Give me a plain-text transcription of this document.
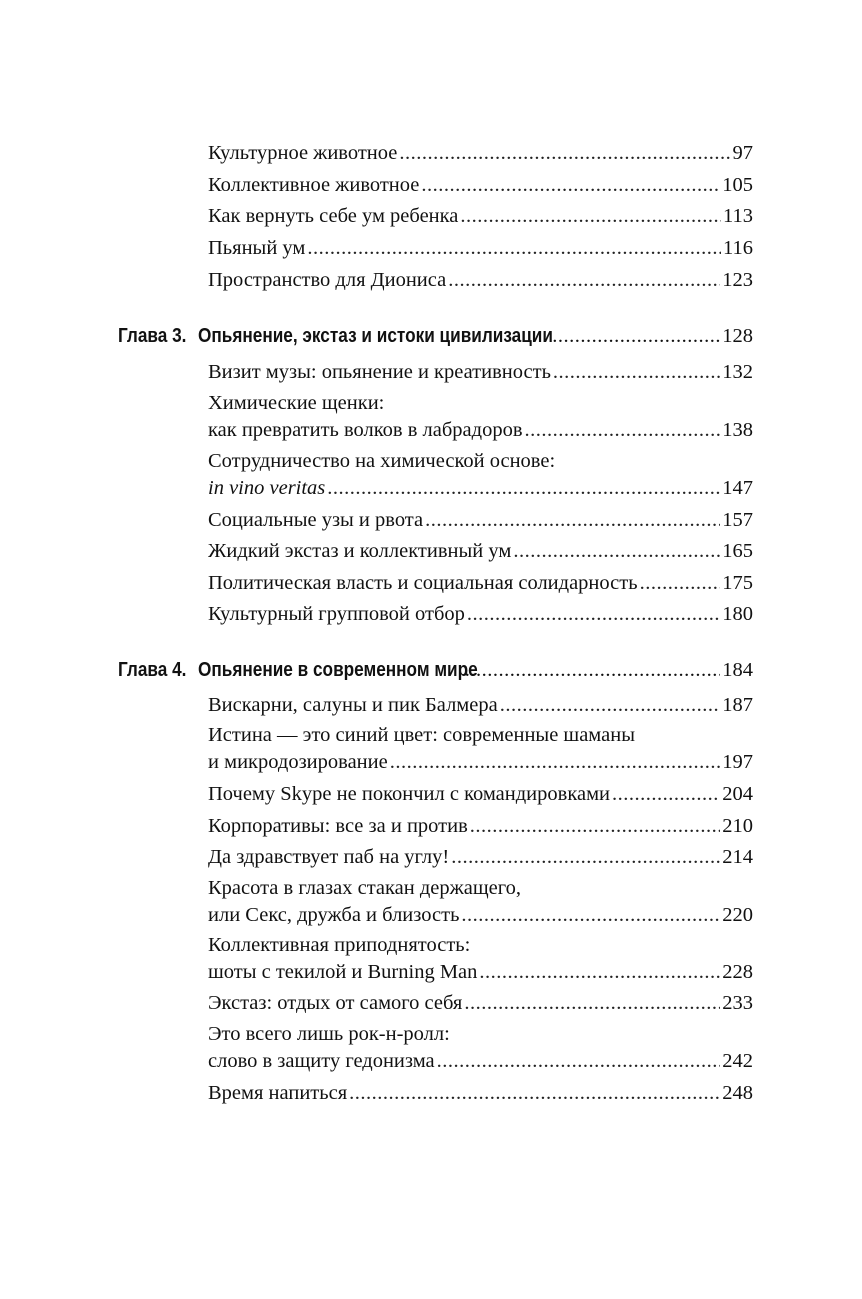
Культурное животное .....	97
Коллективное животное .....	105
Как вернуть себе ум ребенка .....	113
Пьяный ум .....	116
Пространство для Диониса .....	123
Глава 3. Опьянение, экстаз и истоки цивилизации .....	128
Визит музы: опьянение и креативность .....	132
Химические щенки:
как превратить волков в лабрадоров .....	138
Сотрудничество на химической основе:
in vino veritas .....	147
Социальные узы и рвота .....	157
Жидкий экстаз и коллективный ум .....	165
Политическая власть и социальная солидарность .....	175
Культурный групповой отбор .....	180
Глава 4. Опьянение в современном мире .....	184
Вискарни, салуны и пик Балмера .....	187
Истина — это синий цвет: современные шаманы
и микродозирование .....	197
Почему Skype не покончил с командировками .....	204
Корпоративы: все за и против .....	210
Да здравствует паб на углу! .....	214
Красота в глазах стакан держащего,
или Секс, дружба и близость .....	220
Коллективная приподнятость:
шоты с текилой и Burning Man .....	228
Экстаз: отдых от самого себя .....	233
Это всего лишь рок-н-ролл:
слово в защиту гедонизма .....	242
Время напиться .....	248
